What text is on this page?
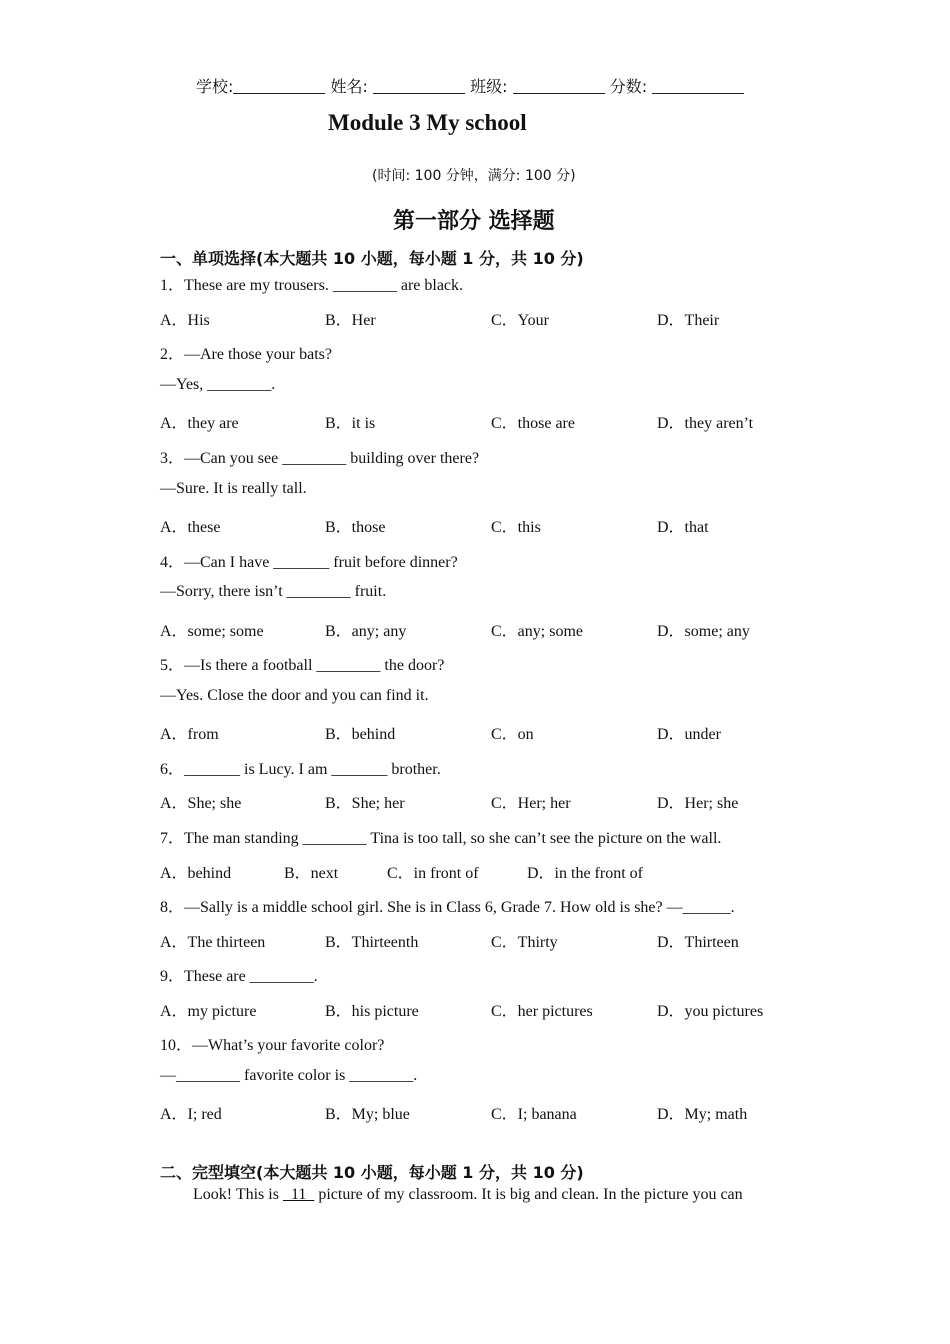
学校:	姓名:	班级:	分数:
Module 3 My school
(时间: 100 分钟，满分: 100 分)
第一部分 选择题
一、单项选择(本大题共 10 小题，每小题 1 分，共 10 分)
1．These are my trousers. ________ are black.
A．His	B．Her	C．Your	D．Their
2．—Are those your bats?
—Yes, ________.
A．they are	B．it is	C．those are	D．they aren’t
3．—Can you see ________ building over there?
—Sure. It is really tall.
A．these	B．those	C．this	D．that
4．—Can I have _______ fruit before dinner?
—Sorry, there isn’t ________ fruit.
A．some; some	B．any; any	C．any; some	D．some; any
5．—Is there a football ________ the door?
—Yes. Close the door and you can find it.
A．from	B．behind	C．on	D．under
6．_______ is Lucy. I am _______ brother.
A．She; she	B．She; her	C．Her; her	D．Her; she
7．The man standing ________ Tina is too tall, so she can’t see the picture on the wall.
A．behind	B．next	C．in front of	D．in the front of
8．—Sally is a middle school girl. She is in Class 6, Grade 7. How old is she? —______.
A．The thirteen	B．Thirteenth	C．Thirty	D．Thirteen
9．These are ________.
A．my picture	B．his picture	C．her pictures	D．you pictures
10．—What’s your favorite color?
—________ favorite color is ________.
A．I; red	B．My; blue	C．I; banana	D．My; math
二、完型填空(本大题共 10 小题，每小题 1 分，共 10 分)
Look! This is   11   picture of my classroom. It is big and clean. In the picture you can
